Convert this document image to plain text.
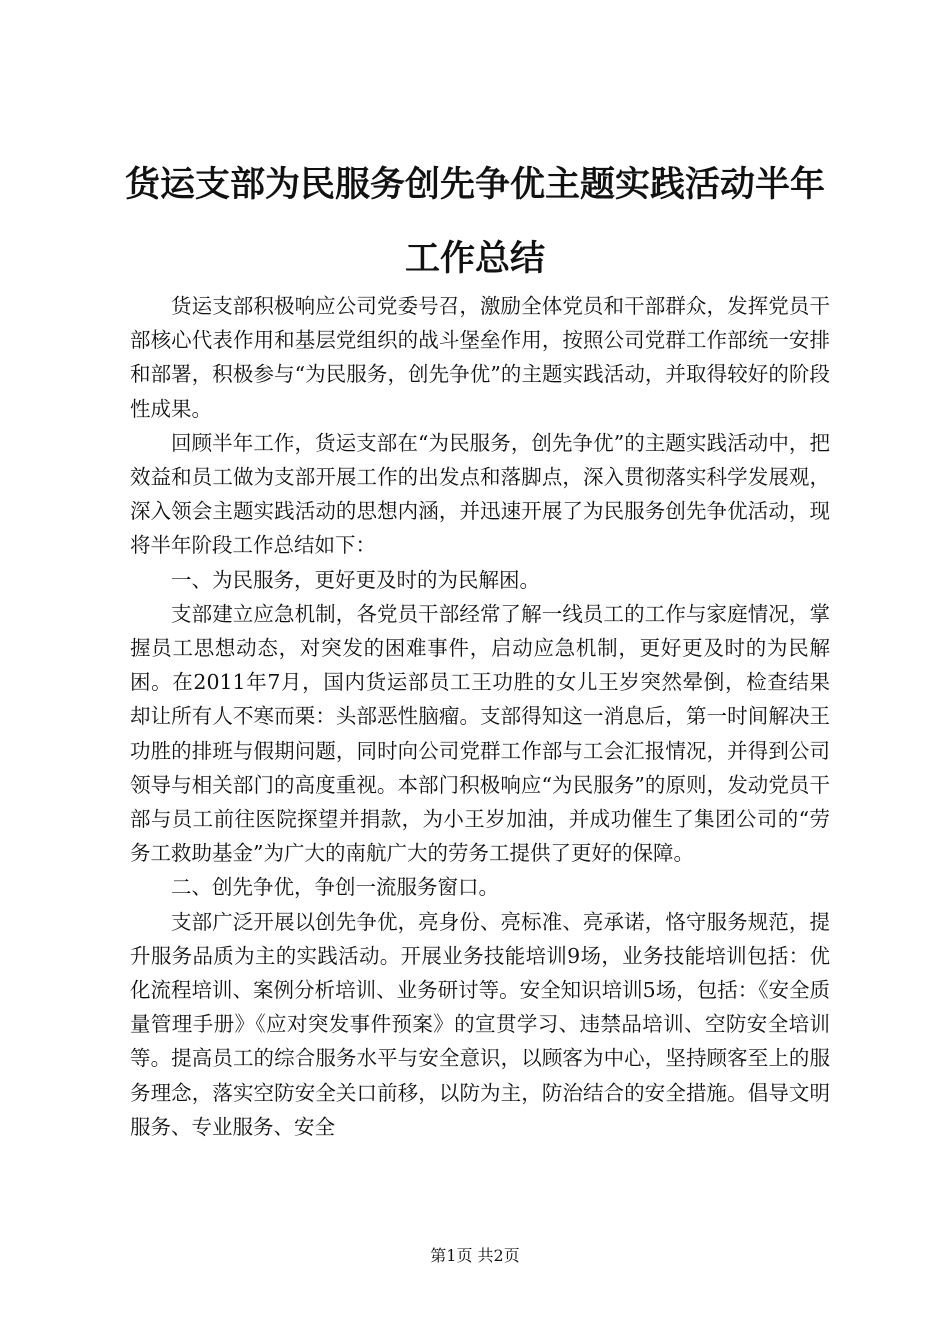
货运支部为民服务创先争优主题实践活动半年
工作总结

货运支部积极响应公司党委号召，激励全体党员和干部群众，发挥党员干部核心代表作用和基层党组织的战斗堡垒作用，按照公司党群工作部统一安排和部署，积极参与“为民服务，创先争优”的主题实践活动，并取得较好的阶段性成果。

回顾半年工作，货运支部在“为民服务，创先争优”的主题实践活动中，把效益和员工做为支部开展工作的出发点和落脚点，深入贯彻落实科学发展观，深入领会主题实践活动的思想内涵，并迅速开展了为民服务创先争优活动，现将半年阶段工作总结如下：

一、为民服务，更好更及时的为民解困。

支部建立应急机制，各党员干部经常了解一线员工的工作与家庭情况，掌握员工思想动态，对突发的困难事件，启动应急机制，更好更及时的为民解困。在2011年7月，国内货运部员工王功胜的女儿王岁突然晕倒，检查结果却让所有人不寒而栗：头部恶性脑瘤。支部得知这一消息后，第一时间解决王功胜的排班与假期问题，同时向公司党群工作部与工会汇报情况，并得到公司领导与相关部门的高度重视。本部门积极响应“为民服务”的原则，发动党员干部与员工前往医院探望并捐款，为小王岁加油，并成功催生了集团公司的“劳务工救助基金”为广大的南航广大的劳务工提供了更好的保障。

二、创先争优，争创一流服务窗口。

支部广泛开展以创先争优，亮身份、亮标准、亮承诺，恪守服务规范，提升服务品质为主的实践活动。开展业务技能培训9场，业务技能培训包括：优化流程培训、案例分析培训、业务研讨等。安全知识培训5场，包括：《安全质量管理手册》《应对突发事件预案》的宣贯学习、违禁品培训、空防安全培训等。提高员工的综合服务水平与安全意识，以顾客为中心，坚持顾客至上的服务理念，落实空防安全关口前移，以防为主，防治结合的安全措施。倡导文明服务、专业服务、安全

第1页 共2页
